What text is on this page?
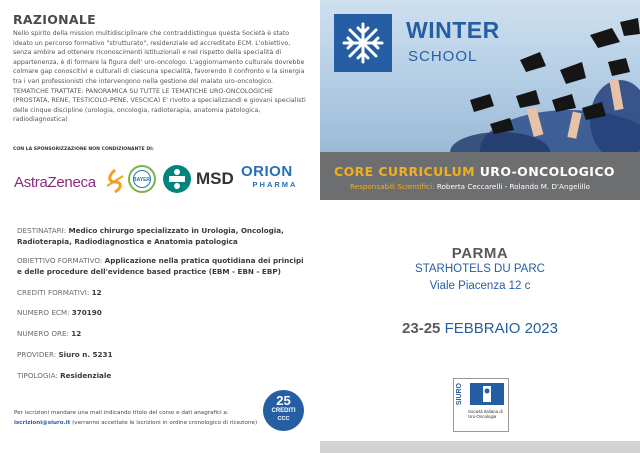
RAZIONALE
Nello spirito della mission multidisciplinare che contraddistingue questa Società è stato ideato un percorso formativo "strutturato", residenziale ed accreditato ECM. L'obiettivo, senza ambire ad ottenere riconoscimenti istituzionali e nel rispetto della specialità di appartenenza, è di formare la figura dell' uro-oncologo. L'aggiornamento culturale dovrebbe colmare gap conoscitivi e culturali di ciascuna specialità, favorendo il confronto e la sinergia tra i vari professionisti che intervengono nella gestione del malato uro-oncologico. TEMATICHE TRATTATE: PANORAMICA SU TUTTE LE TEMATICHE URO-ONCOLOGICHE (PROSTATA, RENE, TESTICOLO-PENE, VESCICA) E' rivolto a specializzandi e giovani specialisti delle cinque discipline (urologia, oncologia, radioterapia, anatomia patologica, radiodiagnostica)
CON LA SPONSORIZZAZIONE NON CONDIZIONANTE DI:
AstraZeneca	BAYER	MSD ORION
PHARMA
WINTER
SCHOOL
CORE CURRICULUM URO-ONCOLOGICO
Responsabili Scientifici: Roberta Ceccarelli - Rolando M. D'Angelillo
DESTINATARI: Medico chirurgo specializzato in Urologia, Oncologia, Radioterapia, Radiodiagnostica e Anatomia patologica
OBIETTIVO FORMATIVO: Applicazione nella pratica quotidiana dei principi e delle procedure dell'evidence based practice (EBM - EBN - EBP)
CREDITI FORMATIVI: 12
NUMERO ECM: 370190
NUMERO ORE: 12
PROVIDER: Siuro n. 5231
TIPOLOGIA: Residenziale
Per iscrizioni mandare una mail indicando titolo del corso e dati anagrafici a:
iscrizioni@siuro.it (verranno accettate le iscrizioni in ordine cronologico di ricezione)
25
CREDITI
CCC
PARMA
STARHOTELS DU PARC
Viale Piacenza 12 c
23-25 FEBBRAIO 2023
SIURO
Società Italiana di Uro-Oncologia
